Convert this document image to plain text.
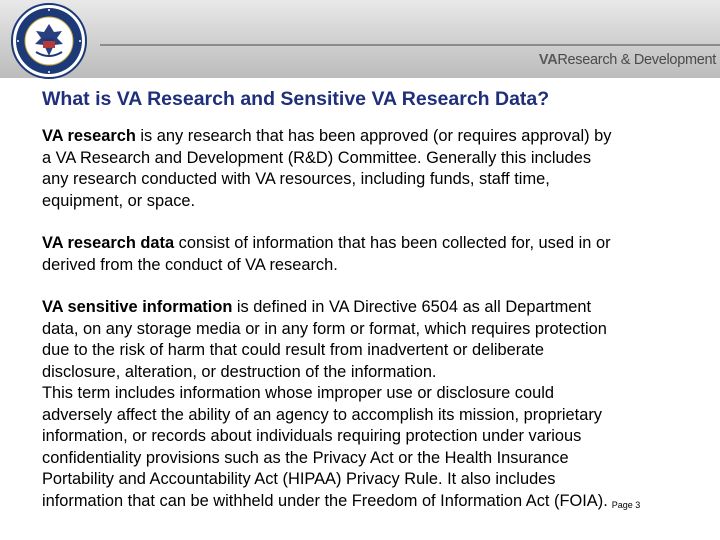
VAResearch & Development
What is VA Research and Sensitive VA Research Data?
VA research is any research that has been approved (or requires approval) by
a VA Research and Development (R&D) Committee. Generally this includes
any research conducted with VA resources, including funds, staff time,
equipment, or space.
VA research data consist of information that has been collected for, used in or
derived from the conduct of VA research.
VA sensitive information is defined in VA Directive 6504 as all Department
data, on any storage media or in any form or format, which requires protection
due to the risk of harm that could result from inadvertent or deliberate
disclosure, alteration, or destruction of the information.
This term includes information whose improper use or disclosure could
adversely affect the ability of an agency to accomplish its mission, proprietary
information, or records about individuals requiring protection under various
confidentiality provisions such as the Privacy Act or the Health Insurance
Portability and Accountability Act (HIPAA) Privacy Rule. It also includes
information that can be withheld under the Freedom of Information Act (FOIA). Page 3
